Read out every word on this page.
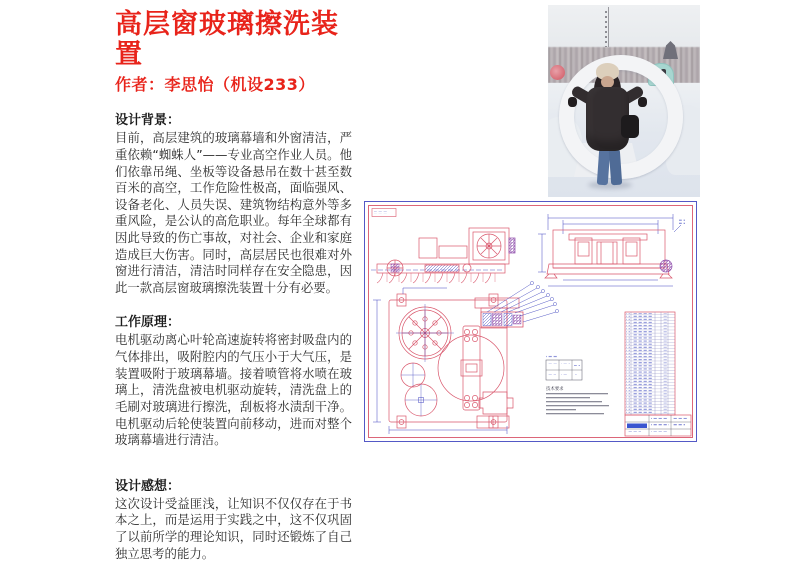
高层窗玻璃擦洗装置
作者：李思怡（机设233）
设计背景：

目前，高层建筑的玻璃幕墙和外窗清洁，严重依赖“蜘蛛人”——专业高空作业人员。他们依靠吊绳、坐板等设备悬吊在数十甚至数百米的高空，工作危险性极高，面临强风、设备老化、人员失误、建筑物结构意外等多重风险，是公认的高危职业。每年全球都有因此导致的伤亡事故，对社会、企业和家庭造成巨大伤害。同时，高层居民也很难对外窗进行清洁，清洁时同样存在安全隐患，因此一款高层窗玻璃擦洗装置十分有必要。

工作原理：

电机驱动离心叶轮高速旋转将密封吸盘内的气体排出，吸附腔内的气压小于大气压，是装置吸附于玻璃幕墙。接着喷管将水喷在玻璃上，清洗盘被电机驱动旋转，清洗盘上的毛刷对玻璃进行擦洗，刮板将水渍刮干净。电机驱动后轮使装置向前移动，进而对整个玻璃幕墙进行清洁。

设计感想：

这次设计受益匪浅，让知识不仅仅存在于书本之上，而是运用于实践之中，这不仅巩固了以前所学的理论知识，同时还锻炼了自己独立思考的能力。

技术要求
